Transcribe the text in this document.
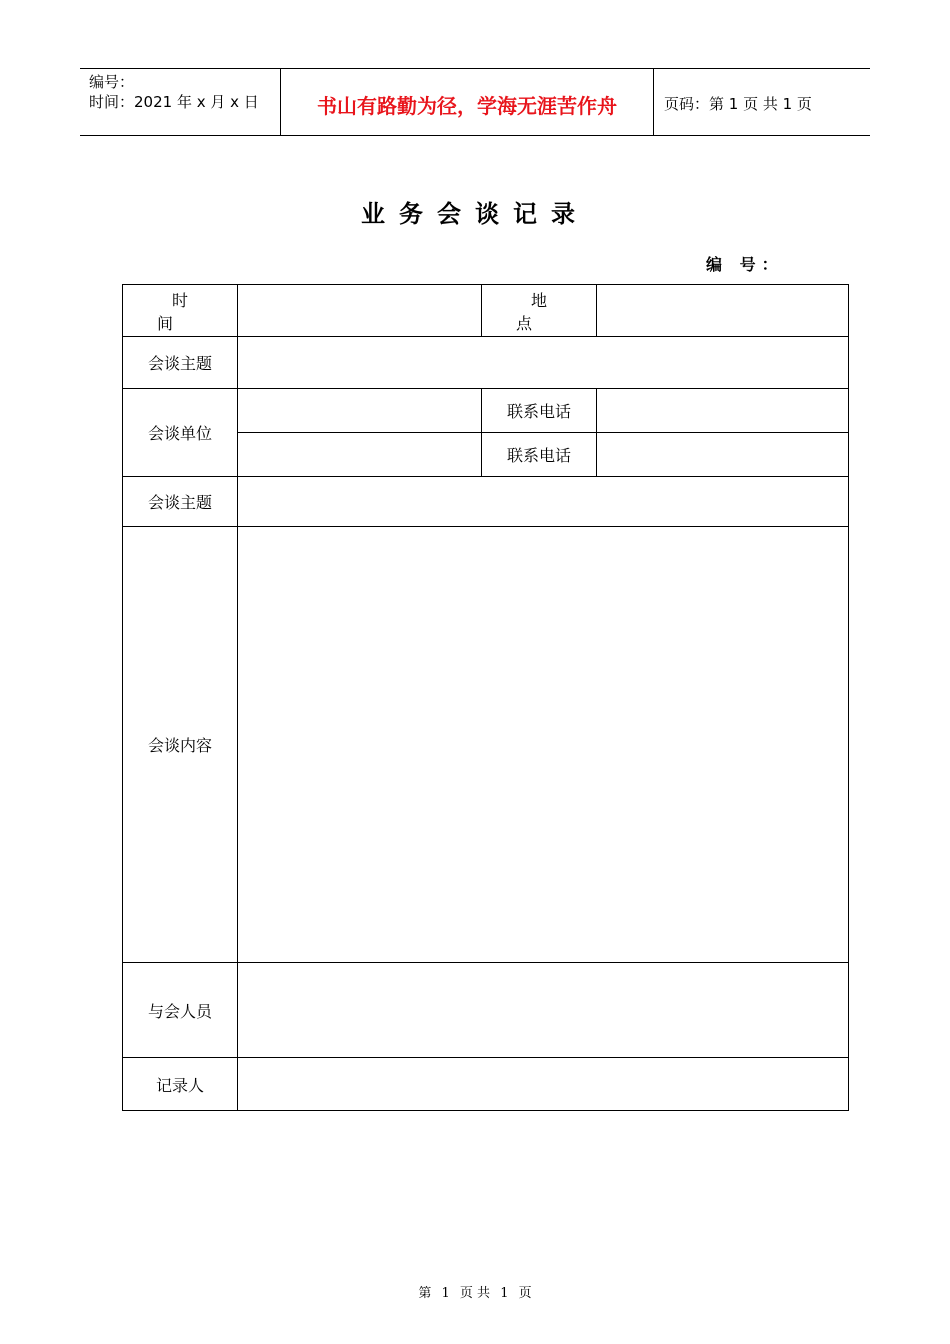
编号：
时间：2021 年 x 月 x 日	书山有路勤为径，学海无涯苦作舟	页码：第 1 页 共 1 页
业务会谈记录
编 号：
时间		地点	
会谈主题			
会谈单位		联系电话	
		联系电话	
会谈主题			
会谈内容			
与会人员			
记录人			
第 1 页 共 1 页
